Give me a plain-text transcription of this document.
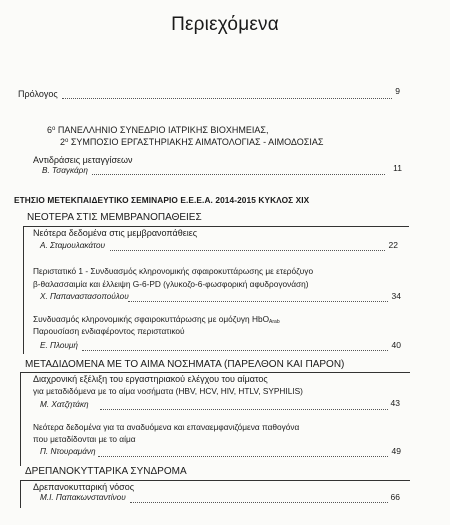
Περιεχόμενα
Πρόλογος	9
$6^o$ ΠΑΝΕΛΛΗΝΙΟ ΣΥΝΕΔΡΙΟ ΙΑΤΡΙΚΗΣ ΒΙΟΧΗΜΕΙΑΣ,
$2^o$ ΣΥΜΠΟΣΙΟ ΕΡΓΑΣΤΗΡΙΑΚΗΣ ΑΙΜΑΤΟΛΟΓΙΑΣ - ΑΙΜΟΔΟΣΙΑΣ
Αντιδράσεις μεταγγίσεων
Β. Τσαγκάρη	11
ΕΤΗΣΙΟ ΜΕΤΕΚΠΑΙΔΕΥΤΙΚΟ ΣΕΜΙΝΑΡΙΟ Ε.Ε.Ε.Α. 2014-2015 ΚΥΚΛΟΣ XIX
ΝΕΟΤΕΡΑ ΣΤΙΣ ΜΕΜΒΡΑΝΟΠΑΘΕΙΕΣ
Νεότερα δεδομένα στις μεμβρανοπάθειες
Α. Σταμουλακάτου	22
Περιστατικό 1 - Συνδυασμός κληρονομικής σφαιροκυττάρωσης με ετερόζυγο
β-θαλασσαιμία και έλλειψη G-6-PD (γλυκοζο-6-φωσφορική αφυδρογονάση)
Χ. Παπαναστασοπούλου	34
Συνδυασμός κληρονομικής σφαιροκυττάρωσης με ομόζυγη HbO$_{Arab}$
Παρουσίαση ενδιαφέροντος περιστατικού
Ε. Πλουμή	40
ΜΕΤΑΔΙΔΟΜΕΝΑ ΜΕ ΤΟ ΑΙΜΑ ΝΟΣΗΜΑΤΑ (ΠΑΡΕΛΘΟΝ ΚΑΙ ΠΑΡΟΝ)
Διαχρονική εξέλιξη του εργαστηριακού ελέγχου του αίματος
για μεταδιδόμενα με το αίμα νοσήματα (HBV, HCV, HIV, HTLV, SYPHILIS)
Μ. Χατζητάκη	43
Νεότερα δεδομένα για τα αναδυόμενα και επαναεμφανιζόμενα παθογόνα
που μεταδίδονται με το αίμα
Π. Ντουραμάνη	49
ΔΡΕΠΑΝΟΚΥΤΤΑΡΙΚΑ ΣΥΝΔΡΟΜΑ
Δρεπανοκυτταρική νόσος
Μ.Ι. Παπακωνσταντίνου	66
